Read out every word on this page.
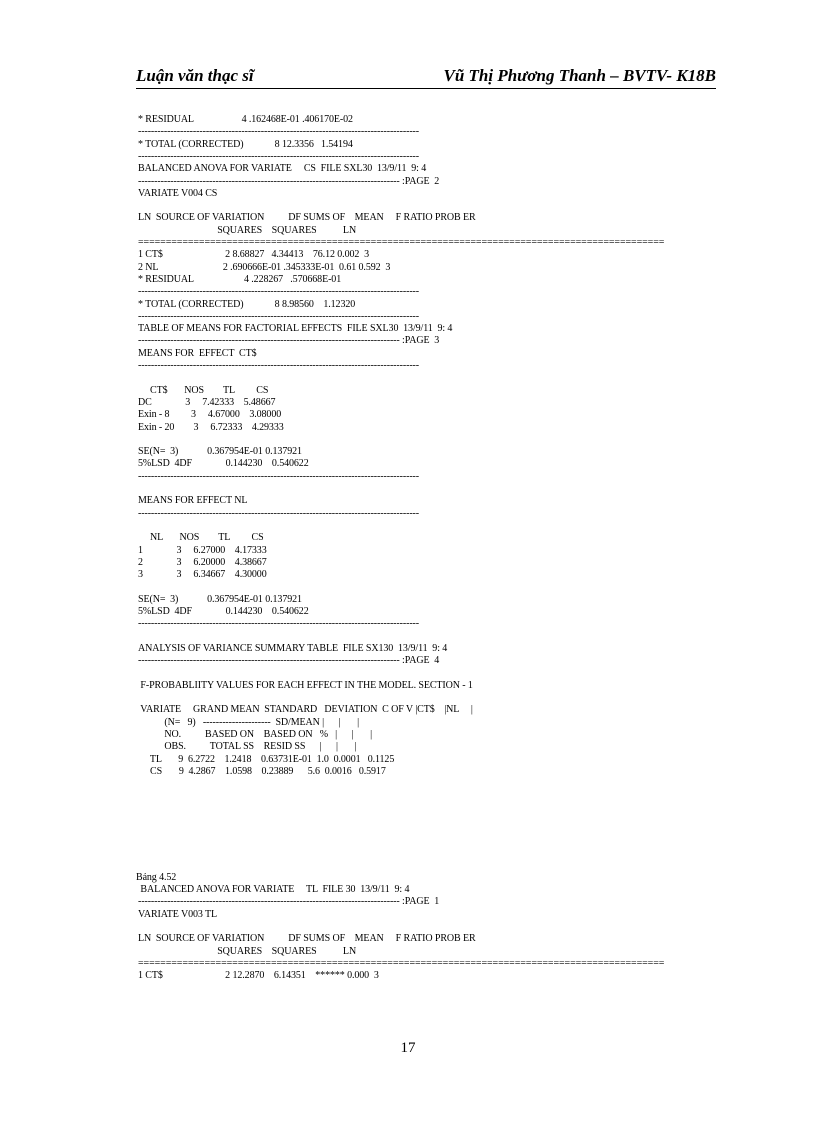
Luận văn thạc sĩ	Vũ Thị Phương Thanh – BVTV- K18B
* RESIDUAL                    4 .162468E-01 .406170E-02
---------------------------------------------------------------------------------------
* TOTAL (CORRECTED)             8 12.3356   1.54194
---------------------------------------------------------------------------------------
BALANCED ANOVA FOR VARIATE     CS  FILE SXL30  13/9/11  9: 4
--------------------------------------------------------------------------------- :PAGE  2
VARIATE V004 CS
LN  SOURCE OF VARIATION          DF SUMS OF    MEAN     F RATIO PROB ER
SQUARES    SQUARES           LN
===============================================================================================
1 CT$                          2 8.68827   4.34413    76.12 0.002  3
2 NL                           2 .690666E-01 .345333E-01  0.61 0.592  3
* RESIDUAL                     4 .228267   .570668E-01
---------------------------------------------------------------------------------------
* TOTAL (CORRECTED)             8 8.98560    1.12320
---------------------------------------------------------------------------------------
TABLE OF MEANS FOR FACTORIAL EFFECTS  FILE SXL30  13/9/11  9: 4
--------------------------------------------------------------------------------- :PAGE  3
MEANS FOR  EFFECT  CT$
---------------------------------------------------------------------------------------
CT$       NOS        TL         CS
DC              3     7.42333    5.48667
Exin - 8         3     4.67000    3.08000
Exin - 20        3     6.72333    4.29333
SE(N=  3)            0.367954E-01 0.137921
5%LSD  4DF              0.144230    0.540622
---------------------------------------------------------------------------------------
MEANS FOR EFFECT NL
---------------------------------------------------------------------------------------
NL       NOS        TL         CS
1              3     6.27000    4.17333
2              3     6.20000    4.38667
3              3     6.34667    4.30000
SE(N=  3)            0.367954E-01 0.137921
5%LSD  4DF              0.144230    0.540622
---------------------------------------------------------------------------------------
ANALYSIS OF VARIANCE SUMMARY TABLE  FILE SX130  13/9/11  9: 4
--------------------------------------------------------------------------------- :PAGE  4
F-PROBABLIITY VALUES FOR EACH EFFECT IN THE MODEL. SECTION - 1
VARIATE     GRAND MEAN  STANDARD   DEVIATION  C OF V |CT$    |NL     |
(N=   9)   ---------------------  SD/MEAN |      |       |
NO.          BASED ON    BASED ON   %   |      |       |
OBS.          TOTAL SS    RESID SS      |      |       |
TL       9  6.2722    1.2418    0.63731E-01  1.0  0.0001   0.1125
CS       9  4.2867    1.0598    0.23889      5.6  0.0016   0.5917
Bảng 4.52
BALANCED ANOVA FOR VARIATE     TL  FILE 30  13/9/11  9: 4
--------------------------------------------------------------------------------- :PAGE  1
VARIATE V003 TL
LN  SOURCE OF VARIATION          DF SUMS OF    MEAN     F RATIO PROB ER
SQUARES    SQUARES           LN
===============================================================================================
1 CT$                          2 12.2870    6.14351    ****** 0.000  3
17
